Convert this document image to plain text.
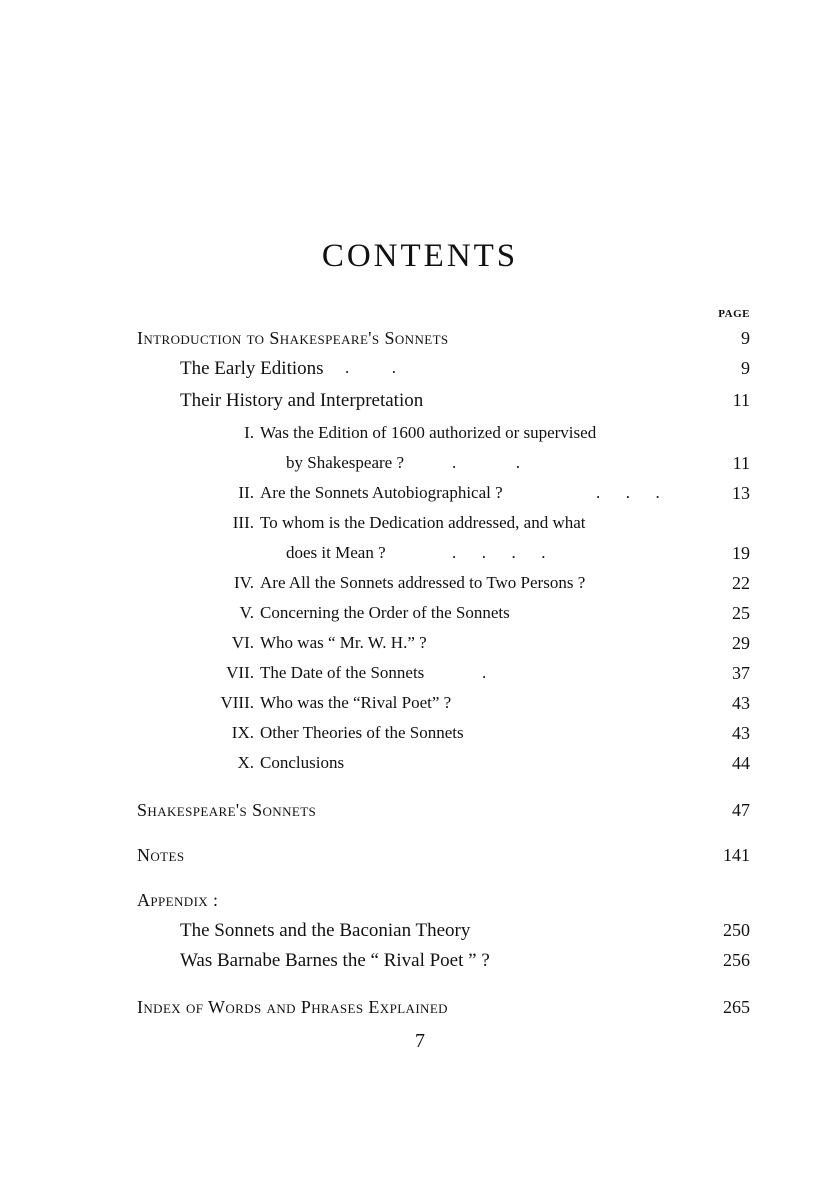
CONTENTS
PAGE
Introduction to Shakespeare's Sonnets	9
The Early Editions .          .	9
Their History and Interpretation	11
I. Was the Edition of 1600 authorized or supervised
by Shakespeare ?	.              .	11
II. Are the Sonnets Autobiographical ?	.      .      .	13
III. To whom is the Dedication addressed, and what
does it Mean ?	.      .      .      .	19
IV. Are All the Sonnets addressed to Two Persons ?	22
V. Concerning the Order of the Sonnets	25
VI. Who was “ Mr. W. H.” ?	29
VII. The Date of the Sonnets	.	37
VIII. Who was the “Rival Poet” ?	43
IX. Other Theories of the Sonnets	43
X. Conclusions	44
Shakespeare's Sonnets	47
Notes	141
Appendix :
The Sonnets and the Baconian Theory	250
Was Barnabe Barnes the “ Rival Poet ” ?	256
Index of Words and Phrases Explained	265
7
